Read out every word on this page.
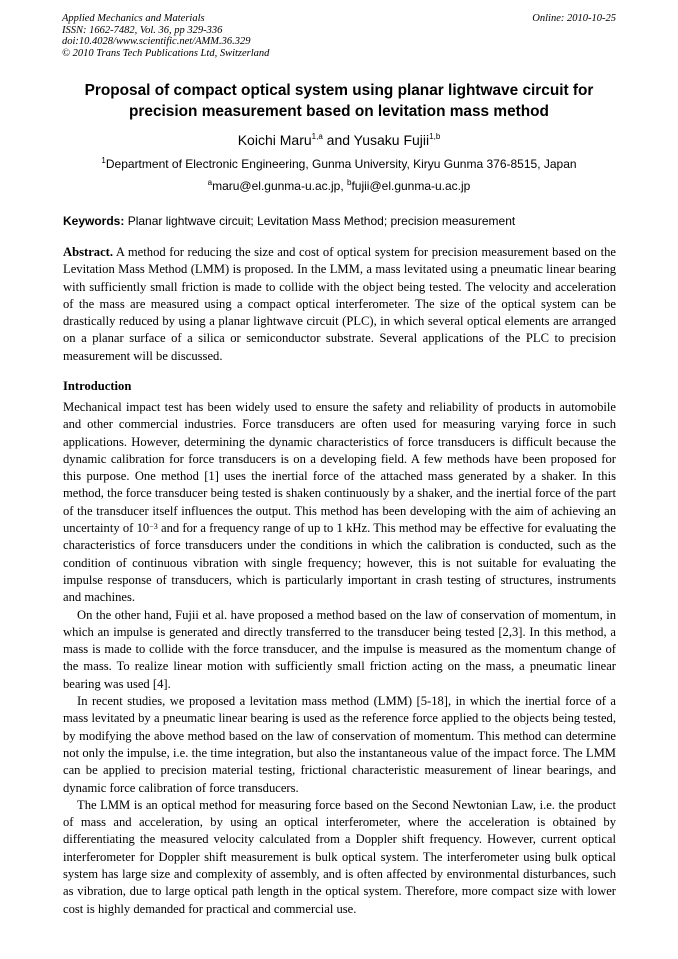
Applied Mechanics and Materials
ISSN: 1662-7482, Vol. 36, pp 329-336
doi:10.4028/www.scientific.net/AMM.36.329
© 2010 Trans Tech Publications Ltd, Switzerland
Online: 2010-10-25
Proposal of compact optical system using planar lightwave circuit for precision measurement based on levitation mass method
Koichi Maru$^{1,a}$ and Yusaku Fujii$^{1,b}$
$^1$Department of Electronic Engineering, Gunma University, Kiryu Gunma 376-8515, Japan
$^a$maru@el.gunma-u.ac.jp, $^b$fujii@el.gunma-u.ac.jp
Keywords: Planar lightwave circuit; Levitation Mass Method; precision measurement
Abstract. A method for reducing the size and cost of optical system for precision measurement based on the Levitation Mass Method (LMM) is proposed. In the LMM, a mass levitated using a pneumatic linear bearing with sufficiently small friction is made to collide with the object being tested. The velocity and acceleration of the mass are measured using a compact optical interferometer. The size of the optical system can be drastically reduced by using a planar lightwave circuit (PLC), in which several optical elements are arranged on a planar surface of a silica or semiconductor substrate. Several applications of the PLC to precision measurement will be discussed.
Introduction

Mechanical impact test has been widely used to ensure the safety and reliability of products in automobile and other commercial industries. Force transducers are often used for measuring varying force in such applications. However, determining the dynamic characteristics of force transducers is difficult because the dynamic calibration for force transducers is on a developing field. A few methods have been proposed for this purpose. One method [1] uses the inertial force of the attached mass generated by a shaker. In this method, the force transducer being tested is shaken continuously by a shaker, and the inertial force of the part of the transducer itself influences the output. This method has been developing with the aim of achieving an uncertainty of $10^{-3}$ and for a frequency range of up to 1 kHz. This method may be effective for evaluating the characteristics of force transducers under the conditions in which the calibration is conducted, such as the condition of continuous vibration with single frequency; however, this is not suitable for evaluating the impulse response of transducers, which is particularly important in crash testing of structures, instruments and machines.

On the other hand, Fujii et al. have proposed a method based on the law of conservation of momentum, in which an impulse is generated and directly transferred to the transducer being tested [2,3]. In this method, a mass is made to collide with the force transducer, and the impulse is measured as the momentum change of the mass. To realize linear motion with sufficiently small friction acting on the mass, a pneumatic linear bearing was used [4].

In recent studies, we proposed a levitation mass method (LMM) [5-18], in which the inertial force of a mass levitated by a pneumatic linear bearing is used as the reference force applied to the objects being tested, by modifying the above method based on the law of conservation of momentum. This method can determine not only the impulse, i.e. the time integration, but also the instantaneous value of the impact force. The LMM can be applied to precision material testing, frictional characteristic measurement of linear bearings, and dynamic force calibration of force transducers.

The LMM is an optical method for measuring force based on the Second Newtonian Law, i.e. the product of mass and acceleration, by using an optical interferometer, where the acceleration is obtained by differentiating the measured velocity calculated from a Doppler shift frequency. However, current optical interferometer for Doppler shift measurement is bulk optical system. The interferometer using bulk optical system has large size and complexity of assembly, and is often affected by environmental disturbances, such as vibration, due to large optical path length in the optical system. Therefore, more compact size with lower cost is highly demanded for practical and commercial use.
